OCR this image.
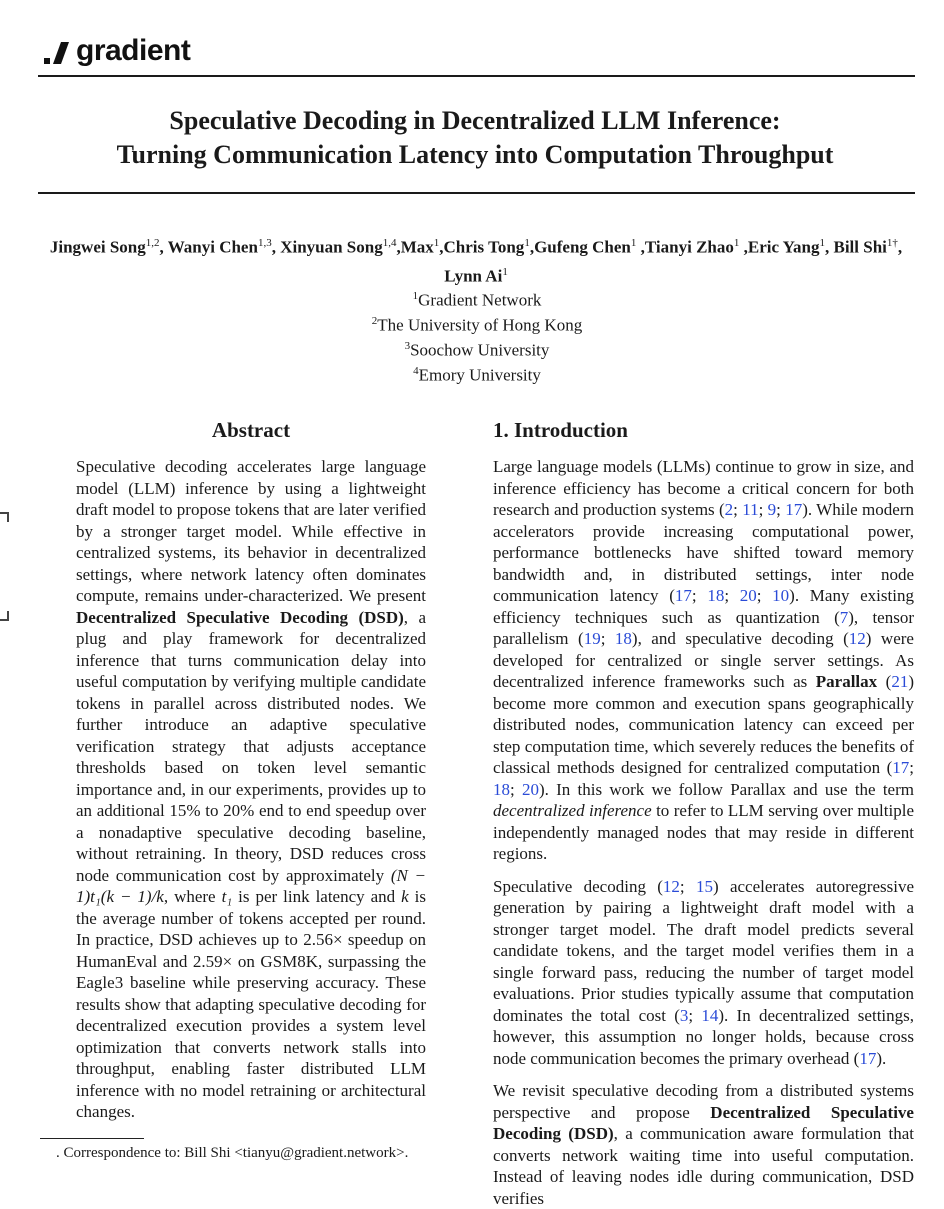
gradient
Speculative Decoding in Decentralized LLM Inference:
Turning Communication Latency into Computation Throughput
Jingwei Song$^{1,2}$, Wanyi Chen$^{1,3}$, Xinyuan Song$^{1,4}$,Max$^1$,Chris Tong$^1$,Gufeng Chen$^1$ ,Tianyi Zhao$^1$ ,Eric Yang$^1$, Bill Shi$^{1\dagger}$, Lynn Ai$^1$
$^1$Gradient Network
$^2$The University of Hong Kong
$^3$Soochow University
$^4$Emory University
Abstract

Speculative decoding accelerates large language model (LLM) inference by using a lightweight draft model to propose tokens that are later verified by a stronger target model. While effective in centralized systems, its behavior in decentralized settings, where network latency often dominates compute, remains under-characterized. We present Decentralized Speculative Decoding (DSD), a plug and play framework for decentralized inference that turns communication delay into useful computation by verifying multiple candidate tokens in parallel across distributed nodes. We further introduce an adaptive speculative verification strategy that adjusts acceptance thresholds based on token level semantic importance and, in our experiments, provides up to an additional 15% to 20% end to end speedup over a nonadaptive speculative decoding baseline, without retraining. In theory, DSD reduces cross node communication cost by approximately (N − 1)t₁(k − 1)/k, where t₁ is per link latency and k is the average number of tokens accepted per round. In practice, DSD achieves up to 2.56× speedup on HumanEval and 2.59× on GSM8K, surpassing the Eagle3 baseline while preserving accuracy. These results show that adapting speculative decoding for decentralized execution provides a system level optimization that converts network stalls into throughput, enabling faster distributed LLM inference with no model retraining or architectural changes.

1. Introduction

Large language models (LLMs) continue to grow in size, and inference efficiency has become a critical concern for both research and production systems (2; 11; 9; 17). While modern accelerators provide increasing computational power, performance bottlenecks have shifted toward memory bandwidth and, in distributed settings, inter node communication latency (17; 18; 20; 10). Many existing efficiency techniques such as quantization (7), tensor parallelism (19; 18), and speculative decoding (12) were developed for centralized or single server settings. As decentralized inference frameworks such as Parallax (21) become more common and execution spans geographically distributed nodes, communication latency can exceed per step computation time, which severely reduces the benefits of classical methods designed for centralized computation (17; 18; 20). In this work we follow Parallax and use the term decentralized inference to refer to LLM serving over multiple independently managed nodes that may reside in different regions.

Speculative decoding (12; 15) accelerates autoregressive generation by pairing a lightweight draft model with a stronger target model. The draft model predicts several candidate tokens, and the target model verifies them in a single forward pass, reducing the number of target model evaluations. Prior studies typically assume that computation dominates the total cost (3; 14). In decentralized settings, however, this assumption no longer holds, because cross node communication becomes the primary overhead (17).

We revisit speculative decoding from a distributed systems perspective and propose Decentralized Speculative Decoding (DSD), a communication aware formulation that converts network waiting time into useful computation. Instead of leaving nodes idle during communication, DSD verifies

. Correspondence to: Bill Shi <tianyu@gradient.network>.
